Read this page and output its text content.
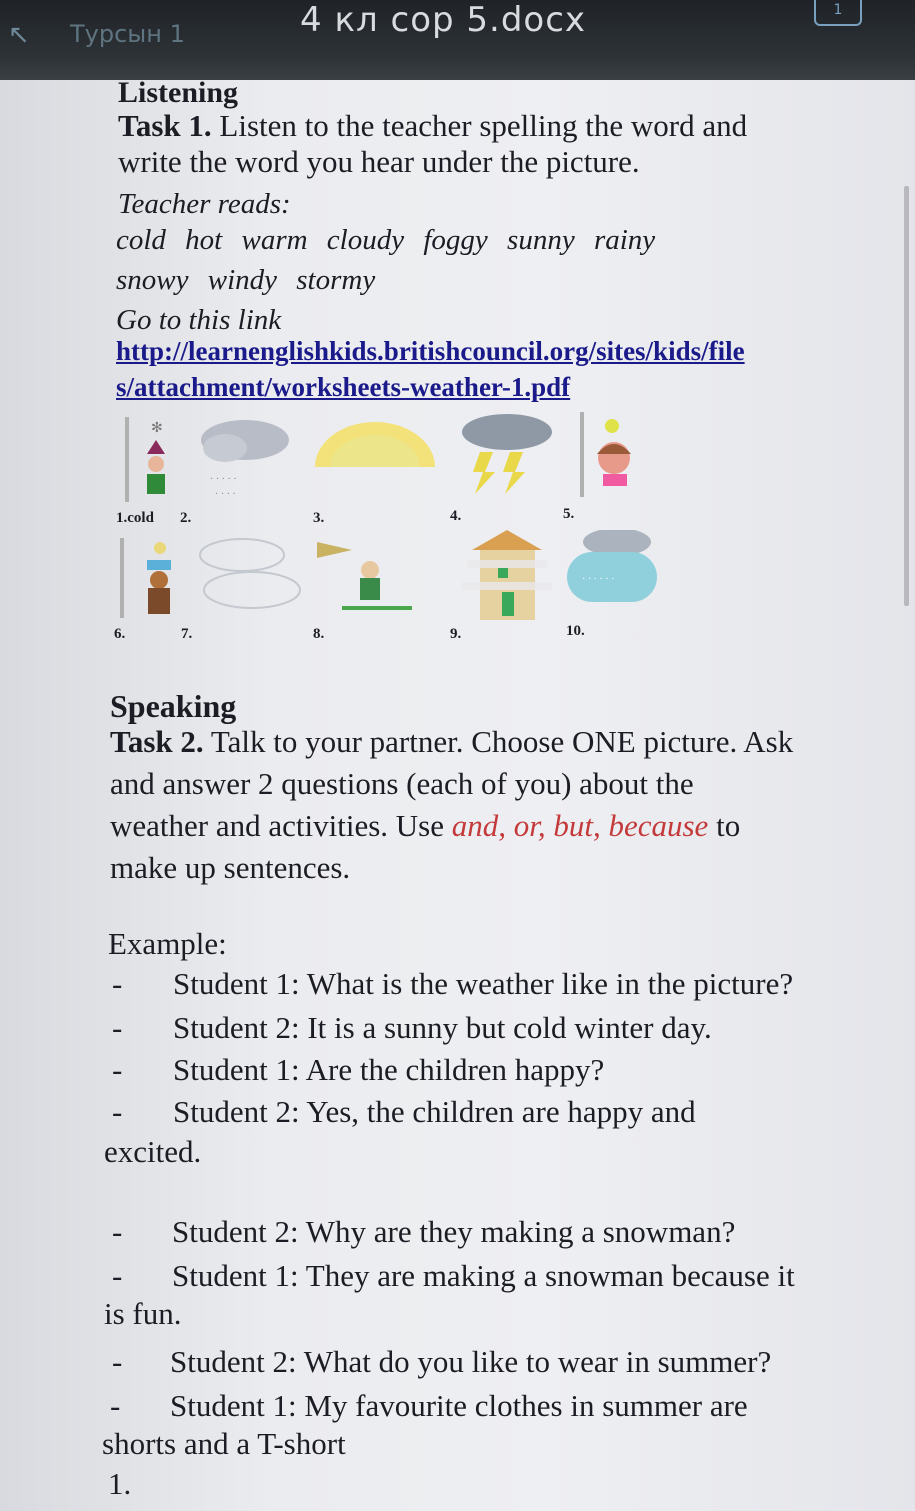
↖	Турсын 1	4 кл сор 5.docx	1
Listening
Task 1. Listen to the teacher spelling the word and
write the word you hear under the picture.
Teacher reads:
cold hot warm cloudy foggy sunny rainy
snowy windy stormy
Go to this link
http://learnenglishkids.britishcouncil.org/sites/kids/file
s/attachment/worksheets-weather-1.pdf
✻
· · · · ·
· · · ·
1.cold 2.	3.	4.	5.
· · · · · ·
6.	7.	8.	9.	10.
Speaking
Task 2. Talk to your partner. Choose ONE picture. Ask
and answer 2 questions (each of you) about the
weather and activities. Use and, or, but, because to
make up sentences.
Example:
- Student 1: What is the weather like in the picture?
- Student 2: It is a sunny but cold winter day.
- Student 1: Are the children happy?
- Student 2: Yes, the children are happy and
excited.
- Student 2: Why are they making a snowman?
- Student 1: They are making a snowman because it
is fun.
- Student 2: What do you like to wear in summer?
- Student 1: My favourite clothes in summer are
shorts and a T-short
1.
